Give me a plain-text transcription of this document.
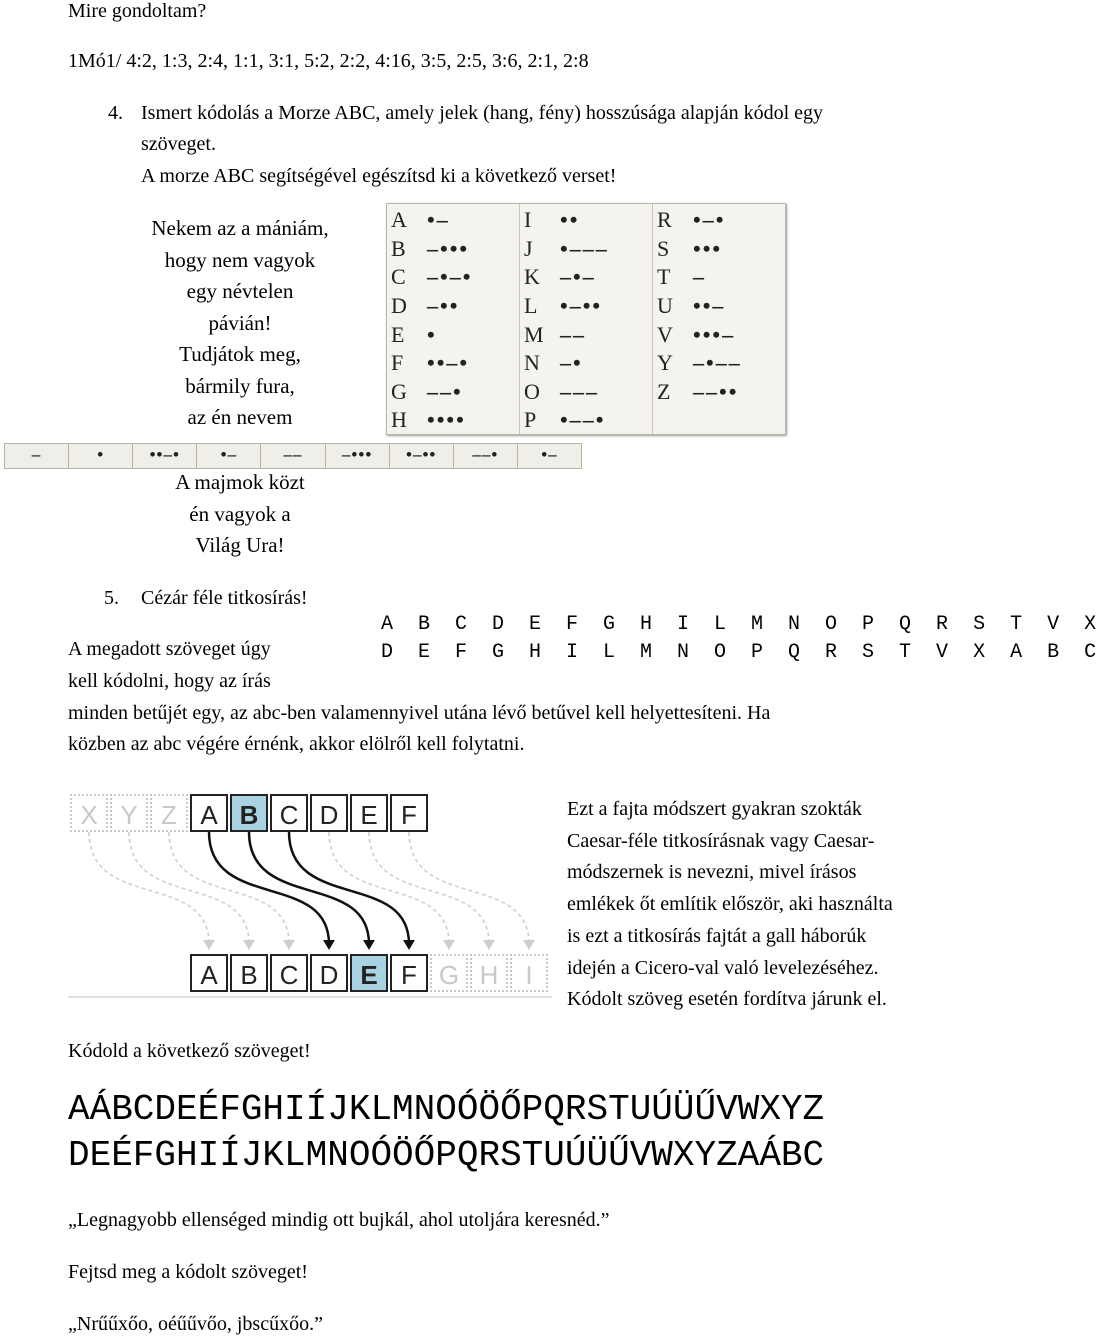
Mire gondoltam?
1Mó1/ 4:2, 1:3, 2:4, 1:1, 3:1, 5:2, 2:2, 4:16, 3:5, 2:5, 3:6, 2:1, 2:8
4. Ismert kódolás a Morze ABC, amely jelek (hang, fény) hosszúsága alapján kódol egy
szöveget.
A morze ABC segítségével egészítsd ki a következő verset!
Nekem az a mániám,
hogy nem vagyok
egy névtelen
pávián!
Tudjátok meg,
bármily fura,
az én nevem
A •–
B –•••
C –•–•
D –••
E	•
F	••–•
G ––•
H ••••
I	••
J	•–––
K –•–
L	•–••
M ––
N –•
O –––
P	•––•
R •–•
S	•••
T	–
U ••–
V •••–
Y –•––
Z	––••
–	•	••–•	•–	––	–•••	•–••	––•	•–
A majmok közt
én vagyok a
Világ Ura!
5. Cézár féle titkosírás!
A B C D E F G H I L M N O P Q R S T V X
D E F G H I L M N O P Q R S T V X A B C
A megadott szöveget úgy
kell kódolni, hogy az írás
minden betűjét egy, az abc-ben valamennyivel utána lévő betűvel kell helyettesíteni. Ha
közben az abc végére érnénk, akkor elölről kell folytatni.
X Y Z A B C D E F
A B C D E F G H	I
Ezt a fajta módszert gyakran szokták
Caesar-féle titkosírásnak vagy Caesar-
módszernek is nevezni, mivel írásos
emlékek őt említik először, aki használta
is ezt a titkosírás fajtát a gall háborúk
idején a Cicero-val való levelezéséhez.
Kódolt szöveg esetén fordítva járunk el.
Kódold a következő szöveget!
AÁBCDEÉFGHIÍJKLMNOÓÖŐPQRSTUÚÜŰVWXYZ
DEÉFGHIÍJKLMNOÓÖŐPQRSTUÚÜŰVWXYZAÁBC
„Legnagyobb ellenséged mindig ott bujkál, ahol utoljára keresnéd.”
Fejtsd meg a kódolt szöveget!
„Nrűűxőo, oéűűvőo, jbscűxőo.”
